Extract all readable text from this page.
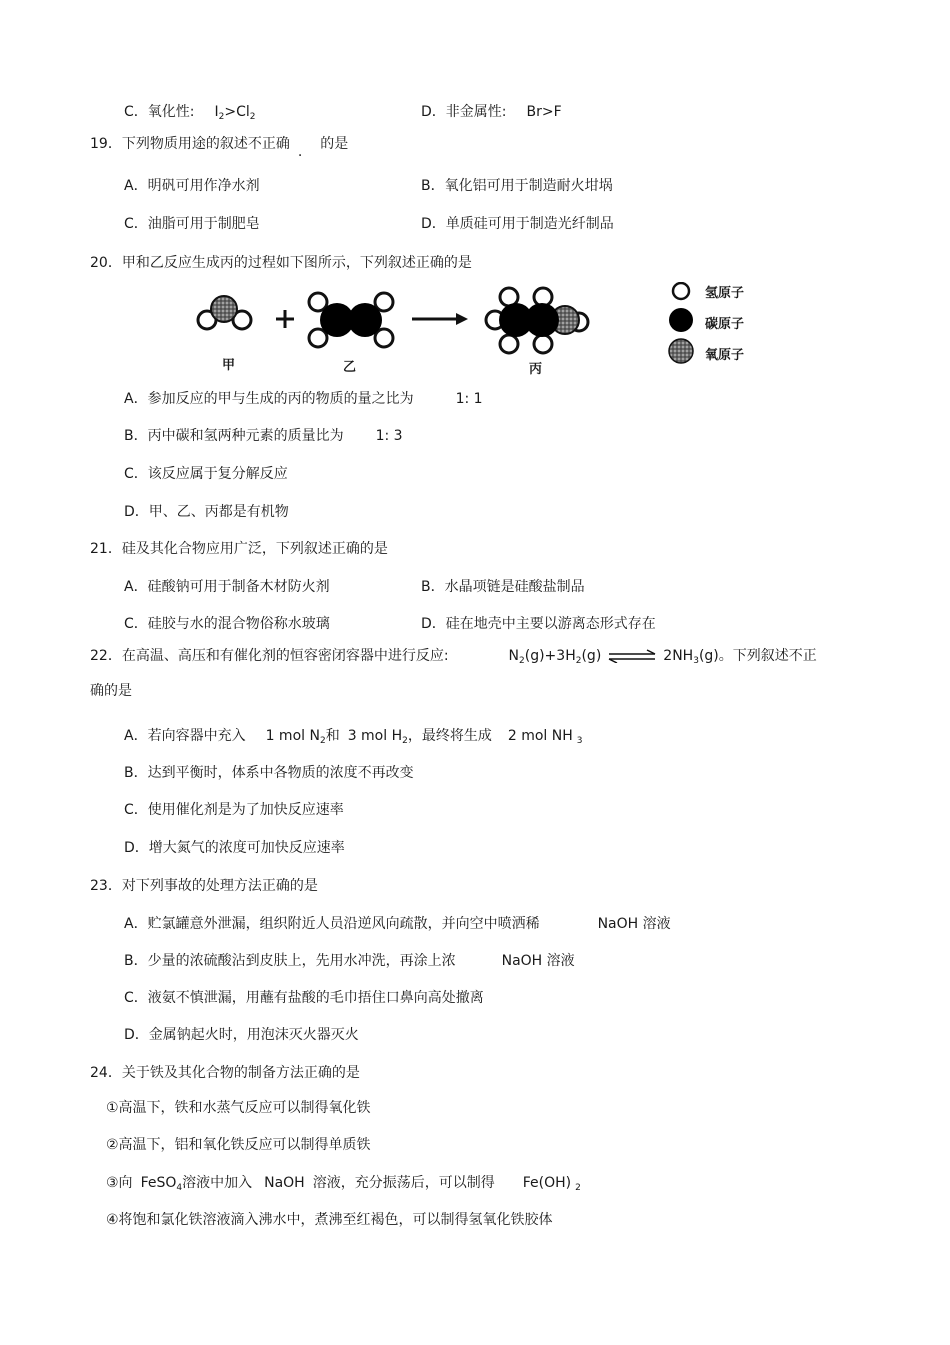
C．氧化性: $I_2>Cl_2$	D．非金属性: Br>F
19．下列物质用途的叙述不正确 . 的是
A．明矾可用作净水剂	B．氧化铝可用于制造耐火坩埚
C．油脂可用于制肥皂	D．单质硅可用于制造光纤制品
20．甲和乙反应生成丙的过程如下图所示，下列叙述正确的是
甲	乙	丙
氢原子
碳原子
氧原子
A．参加反应的甲与生成的丙的物质的量之比为	1: 1
B．丙中碳和氢两种元素的质量比为 1: 3
C．该反应属于复分解反应
D．甲、乙、丙都是有机物
21．硅及其化合物应用广泛，下列叙述正确的是
A．硅酸钠可用于制备木材防火剂	B．水晶项链是硅酸盐制品
C．硅胶与水的混合物俗称水玻璃	D．硅在地壳中主要以游离态形式存在
22．在高温、高压和有催化剂的恒容密闭容器中进行反应:	$N_2(g)+3H_2(g)$ ⇌ $2NH_3(g)$。下列叙述不正
确的是
A．若向容器中充入 1 mol $N_2$和 3 mol $H_2$，最终将生成 2 mol NH $_3$
B．达到平衡时，体系中各物质的浓度不再改变
C．使用催化剂是为了加快反应速率
D．增大氮气的浓度可加快反应速率
23．对下列事故的处理方法正确的是
A．贮氯罐意外泄漏，组织附近人员沿逆风向疏散，并向空中喷洒稀	NaOH 溶液
B．少量的浓硫酸沾到皮肤上，先用水冲洗，再涂上浓	NaOH 溶液
C．液氨不慎泄漏，用蘸有盐酸的毛巾捂住口鼻向高处撤离
D．金属钠起火时，用泡沫灭火器灭火
24．关于铁及其化合物的制备方法正确的是
①高温下，铁和水蒸气反应可以制得氧化铁
②高温下，铝和氧化铁反应可以制得单质铁
③向 FeSO$_4$溶液中加入 NaOH 溶液，充分振荡后，可以制得 Fe(OH) $_2$
④将饱和氯化铁溶液滴入沸水中，煮沸至红褐色，可以制得氢氧化铁胶体
